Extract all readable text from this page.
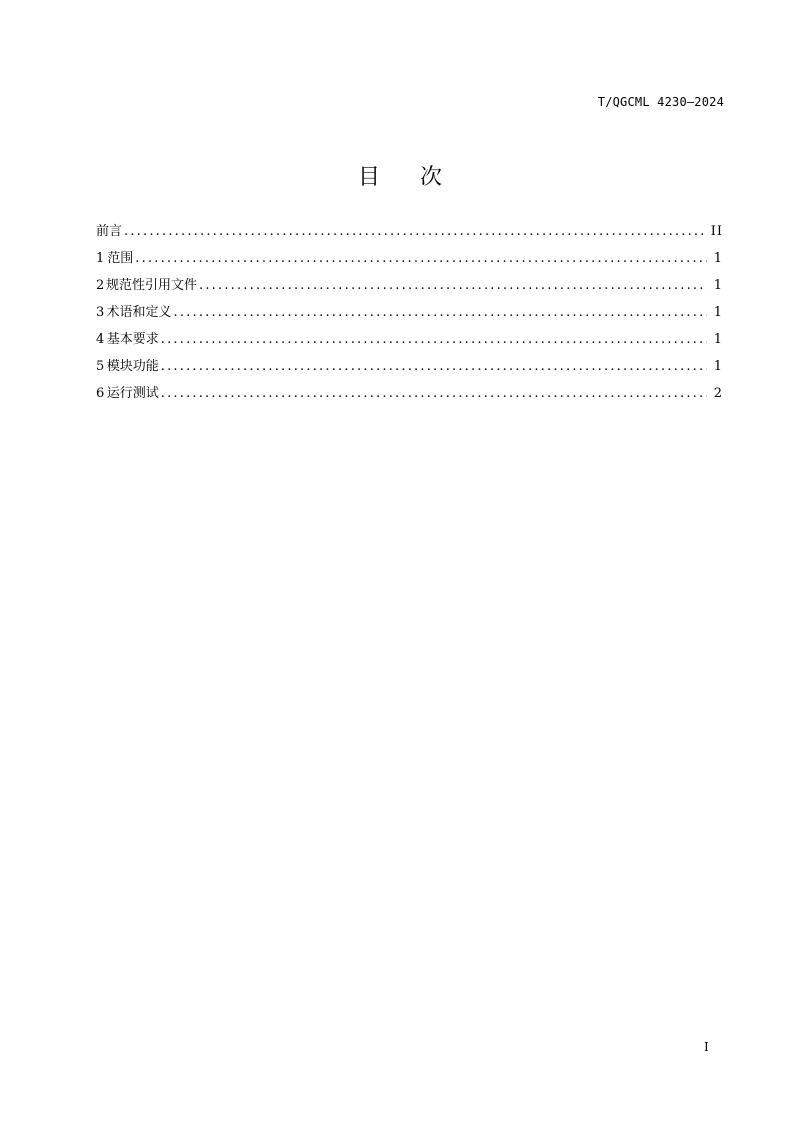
T/QGCML 4230—2024
目次
前言 .....	II
1 范围 .....	1
2 规范性引用文件 .....	1
3 术语和定义 .....	1
4 基本要求 .....	1
5 模块功能 .....	1
6 运行测试 .....	2
I
